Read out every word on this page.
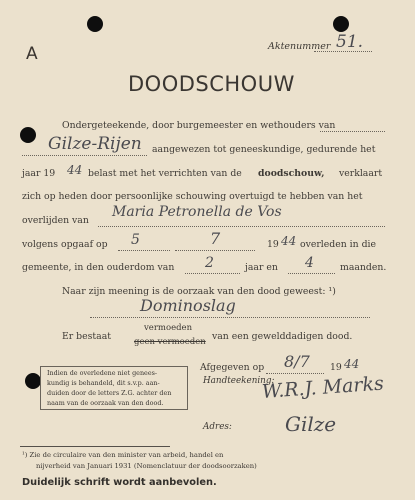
A	Aktenummer 51.
DOODSCHOUW
Ondergeteekende, door burgemeester en wethouders van
Gilze-Rijen aangewezen tot geneeskundige, gedurende het
jaar 19 44 belast met het verrichten van de doodschouw, verklaart
zich op heden door persoonlijke schouwing overtuigd te hebben van het
overlijden van
Maria Petronella de Vos
volgens opgaaf op 5	7	19 44 overleden in die
gemeente, in den ouderdom van 2	jaar en 4	maanden.
Naar zijn meening is de oorzaak van den dood geweest: ¹)
Dominoslag
Er bestaat
vermoeden
geen vermoeden van een gewelddadigen dood.
Indien de overledene niet genees-
kundig is behandeld, dit s.v.p. aan-
duiden door de letters Z.G. achter den
naam van de oorzaak van den dood.
Afgegeven op 8/7 19 44
Handteekening:
W.R.J. Marks
Adres:	Gilze
¹) Zie de circulaire van den minister van arbeid, handel en
nijverheid van Januari 1931 (Nomenclatuur der doodsoorzaken)
Duidelijk schrift wordt aanbevolen.
